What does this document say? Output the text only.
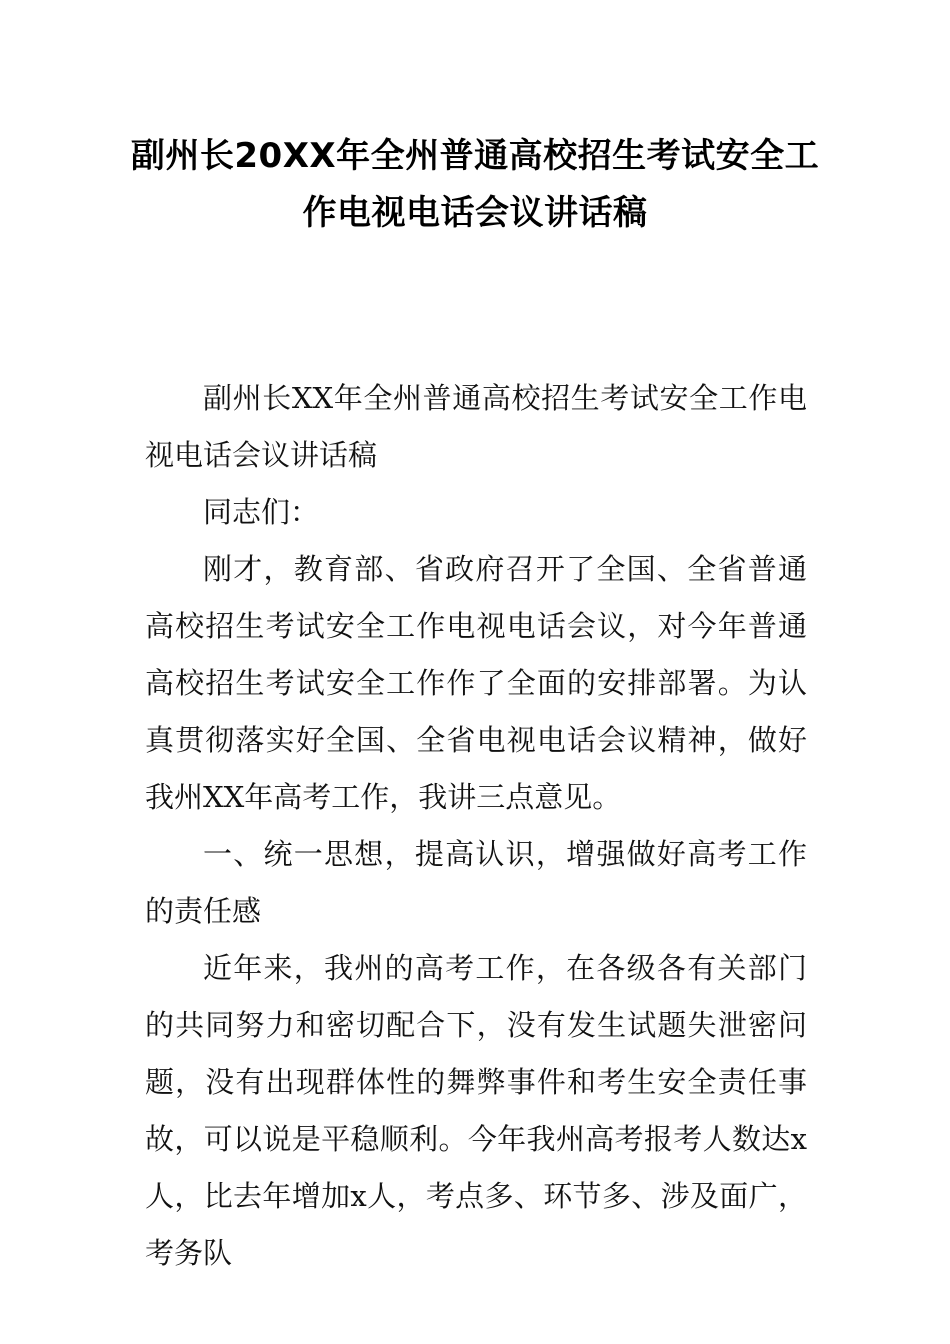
副州长20XX年全州普通高校招生考试安全工作电视电话会议讲话稿

副州长XX年全州普通高校招生考试安全工作电视电话会议讲话稿

同志们：

刚才，教育部、省政府召开了全国、全省普通高校招生考试安全工作电视电话会议，对今年普通高校招生考试安全工作作了全面的安排部署。为认真贯彻落实好全国、全省电视电话会议精神，做好我州XX年高考工作，我讲三点意见。

一、统一思想，提高认识，增强做好高考工作的责任感

近年来，我州的高考工作，在各级各有关部门的共同努力和密切配合下，没有发生试题失泄密问题，没有出现群体性的舞弊事件和考生安全责任事故，可以说是平稳顺利。今年我州高考报考人数达x人，比去年增加x人，考点多、环节多、涉及面广，考务队
